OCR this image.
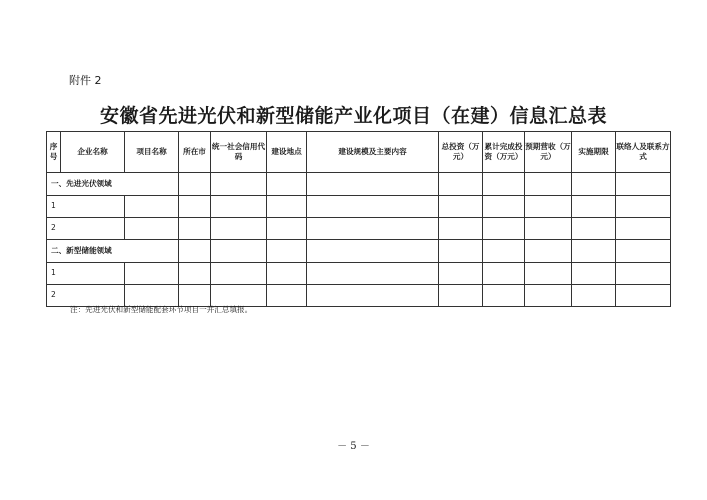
附件 2
安徽省先进光伏和新型储能产业化项目（在建）信息汇总表
序号	企业名称	项目名称	所在市	统一社会信用代码	建设地点	建设规模及主要内容	总投资（万元）	累计完成投资（万元）	预期营收（万元）	实施期限	联络人及联系方式
一、先进光伏领域											
1											
2											
二、新型储能领域											
1											
2											
注：先进光伏和新型储能配套环节项目一并汇总填报。
－ 5 －
